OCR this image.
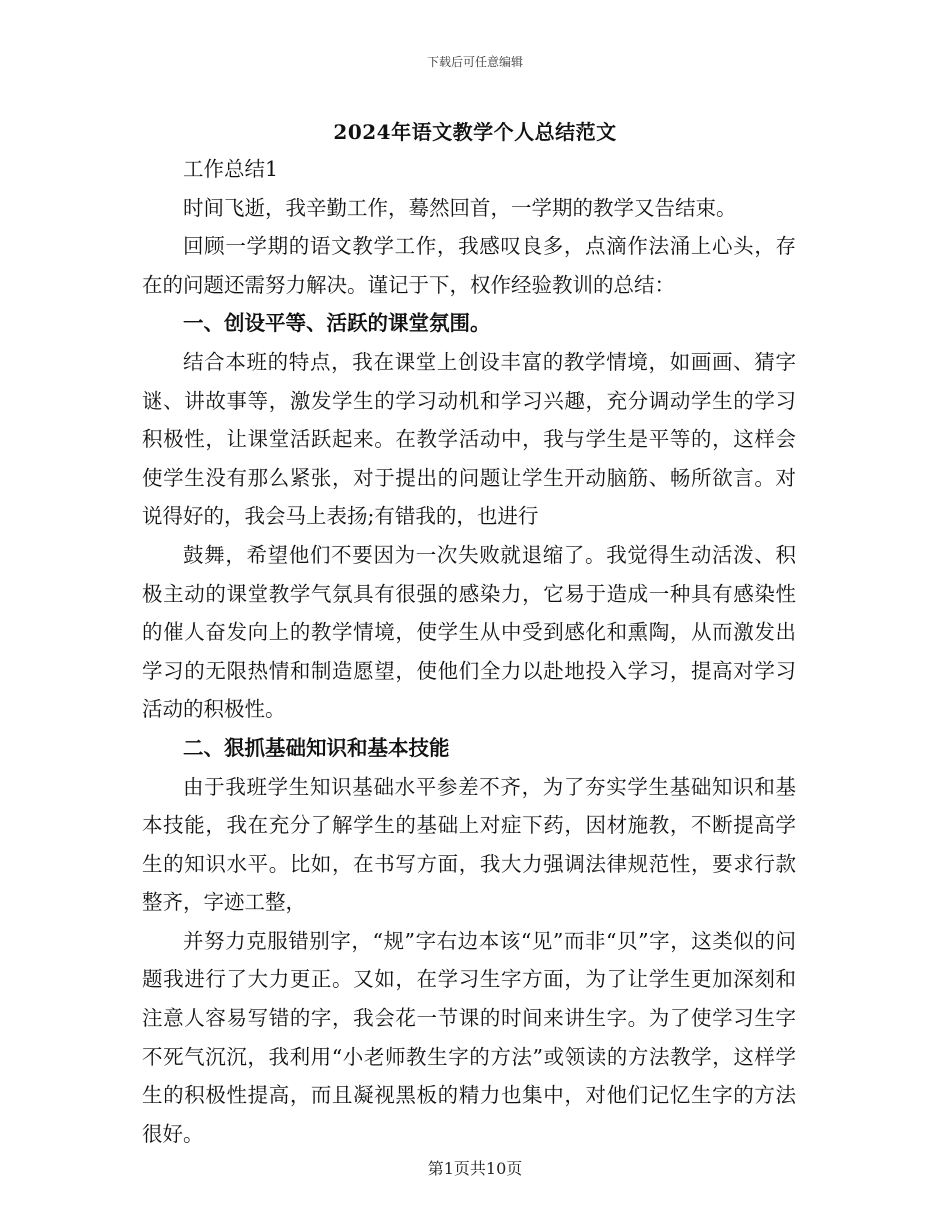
下载后可任意编辑
2024年语文教学个人总结范文

工作总结1

时间飞逝，我辛勤工作，蓦然回首，一学期的教学又告结束。

回顾一学期的语文教学工作，我感叹良多，点滴作法涌上心头，存在的问题还需努力解决。谨记于下，权作经验教训的总结：

一、创设平等、活跃的课堂氛围。

结合本班的特点，我在课堂上创设丰富的教学情境，如画画、猜字谜、讲故事等，激发学生的学习动机和学习兴趣，充分调动学生的学习积极性，让课堂活跃起来。在教学活动中，我与学生是平等的，这样会使学生没有那么紧张，对于提出的问题让学生开动脑筋、畅所欲言。对说得好的，我会马上表扬;有错我的，也进行

鼓舞，希望他们不要因为一次失败就退缩了。我觉得生动活泼、积极主动的课堂教学气氛具有很强的感染力，它易于造成一种具有感染性的催人奋发向上的教学情境，使学生从中受到感化和熏陶，从而激发出学习的无限热情和制造愿望，使他们全力以赴地投入学习，提高对学习活动的积极性。

二、狠抓基础知识和基本技能

由于我班学生知识基础水平参差不齐，为了夯实学生基础知识和基本技能，我在充分了解学生的基础上对症下药，因材施教，不断提高学生的知识水平。比如，在书写方面，我大力强调法律规范性，要求行款整齐，字迹工整，

并努力克服错别字，“规”字右边本该“见”而非“贝”字，这类似的问题我进行了大力更正。又如，在学习生字方面，为了让学生更加深刻和注意人容易写错的字，我会花一节课的时间来讲生字。为了使学习生字不死气沉沉，我利用“小老师教生字的方法”或领读的方法教学，这样学生的积极性提高，而且凝视黑板的精力也集中，对他们记忆生字的方法很好。

第1页共10页
